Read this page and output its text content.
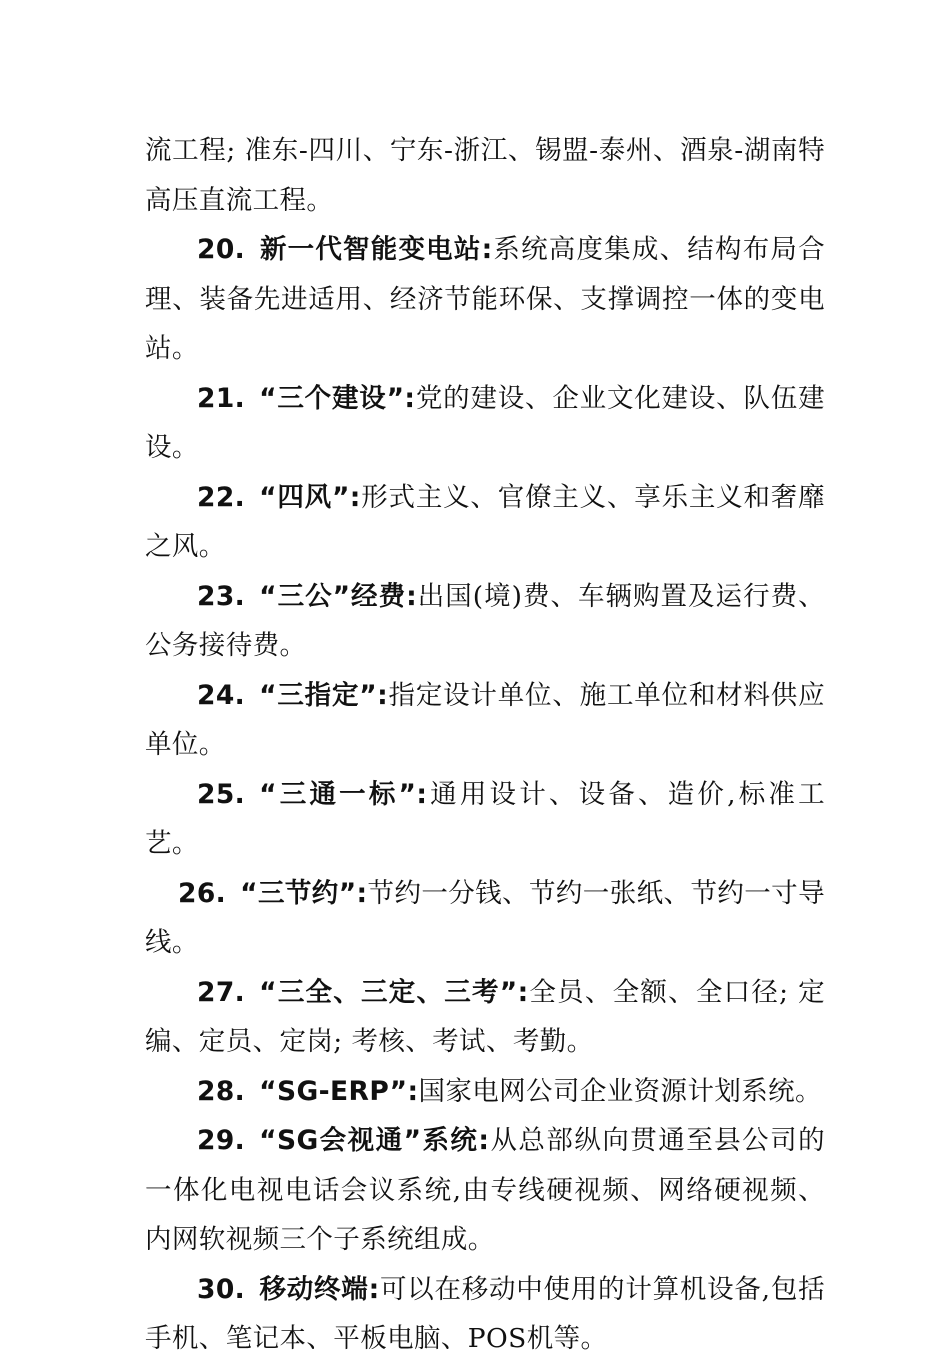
流工程; 准东-四川、宁东-浙江、锡盟-泰州、酒泉-湖南特高压直流工程。

20. 新一代智能变电站:系统高度集成、结构布局合理、装备先进适用、经济节能环保、支撑调控一体的变电站。

21. “三个建设”:党的建设、企业文化建设、队伍建设。

22. “四风”:形式主义、官僚主义、享乐主义和奢靡之风。

23. “三公”经费:出国(境)费、车辆购置及运行费、公务接待费。

24. “三指定”:指定设计单位、施工单位和材料供应单位。

25. “三通一标”:通用设计、设备、造价,标准工艺。

26. “三节约”:节约一分钱、节约一张纸、节约一寸导线。

27. “三全、三定、三考”:全员、全额、全口径; 定编、定员、定岗; 考核、考试、考勤。

28. “SG-ERP”:国家电网公司企业资源计划系统。

29. “SG会视通”系统:从总部纵向贯通至县公司的一体化电视电话会议系统,由专线硬视频、网络硬视频、内网软视频三个子系统组成。

30. 移动终端:可以在移动中使用的计算机设备,包括手机、笔记本、平板电脑、POS机等。
